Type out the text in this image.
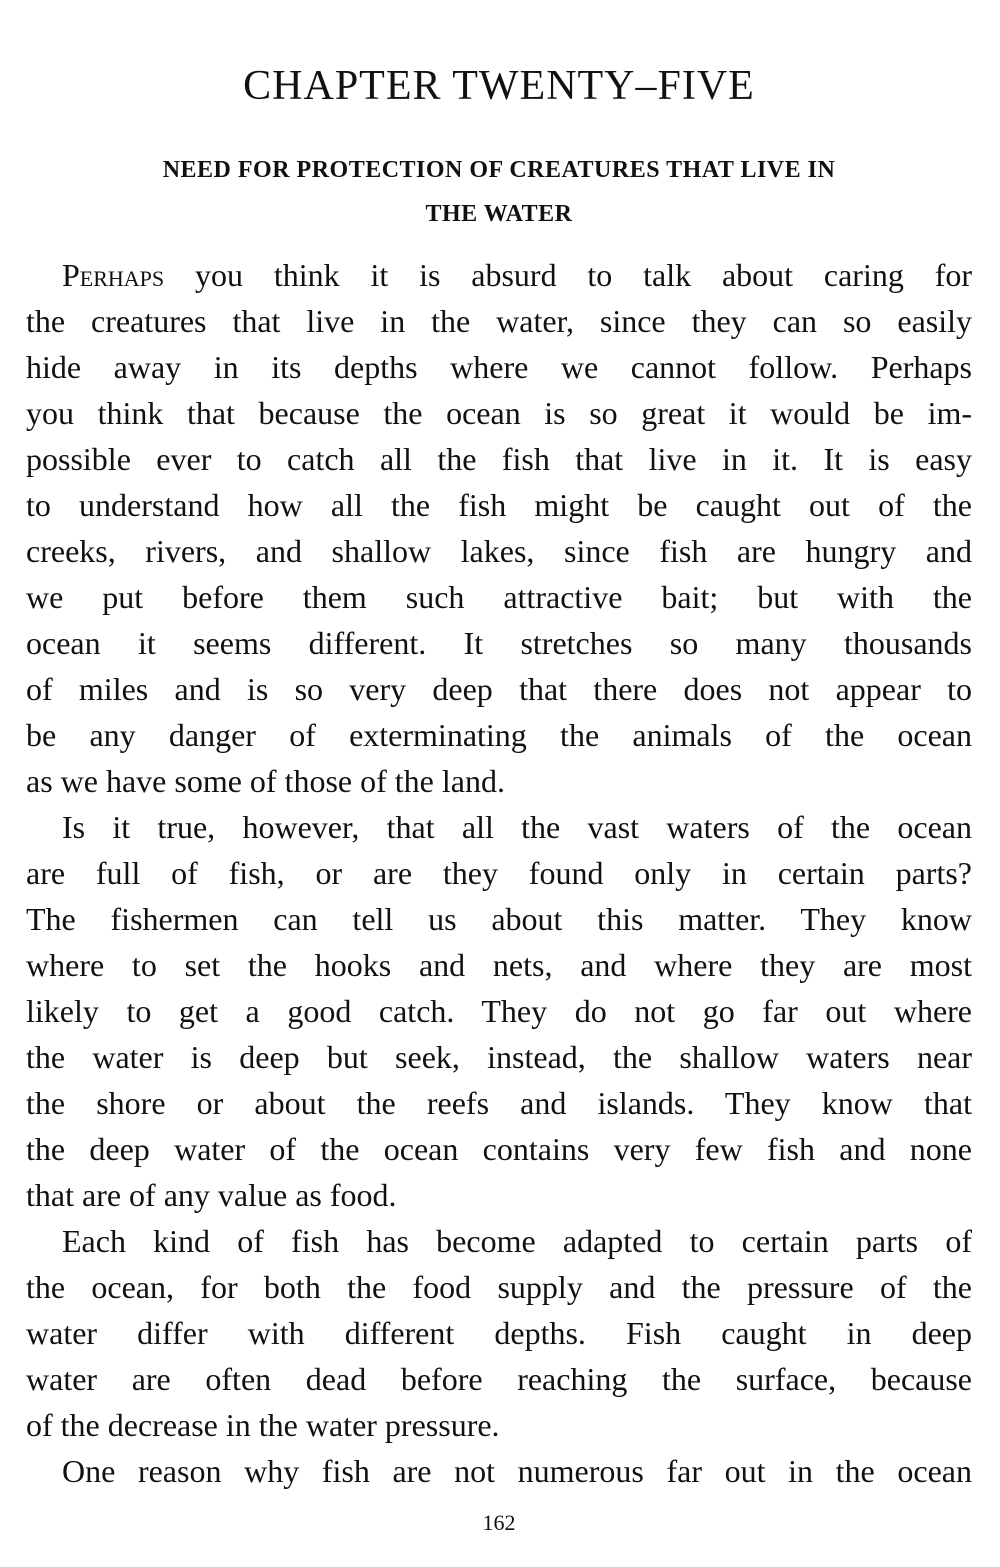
CHAPTER TWENTY–FIVE
NEED FOR PROTECTION OF CREATURES THAT LIVE IN
THE WATER
Perhaps you think it is absurd to talk about caring for
the creatures that live in the water, since they can so easily
hide away in its depths where we cannot follow. Perhaps
you think that because the ocean is so great it would be im-
possible ever to catch all the fish that live in it. It is easy
to understand how all the fish might be caught out of the
creeks, rivers, and shallow lakes, since fish are hungry and
we put before them such attractive bait; but with the
ocean it seems different. It stretches so many thousands
of miles and is so very deep that there does not appear to
be any danger of exterminating the animals of the ocean
as we have some of those of the land.
Is it true, however, that all the vast waters of the ocean
are full of fish, or are they found only in certain parts?
The fishermen can tell us about this matter. They know
where to set the hooks and nets, and where they are most
likely to get a good catch. They do not go far out where
the water is deep but seek, instead, the shallow waters near
the shore or about the reefs and islands. They know that
the deep water of the ocean contains very few fish and none
that are of any value as food.
Each kind of fish has become adapted to certain parts of
the ocean, for both the food supply and the pressure of the
water differ with different depths. Fish caught in deep
water are often dead before reaching the surface, because
of the decrease in the water pressure.
One reason why fish are not numerous far out in the ocean
162
